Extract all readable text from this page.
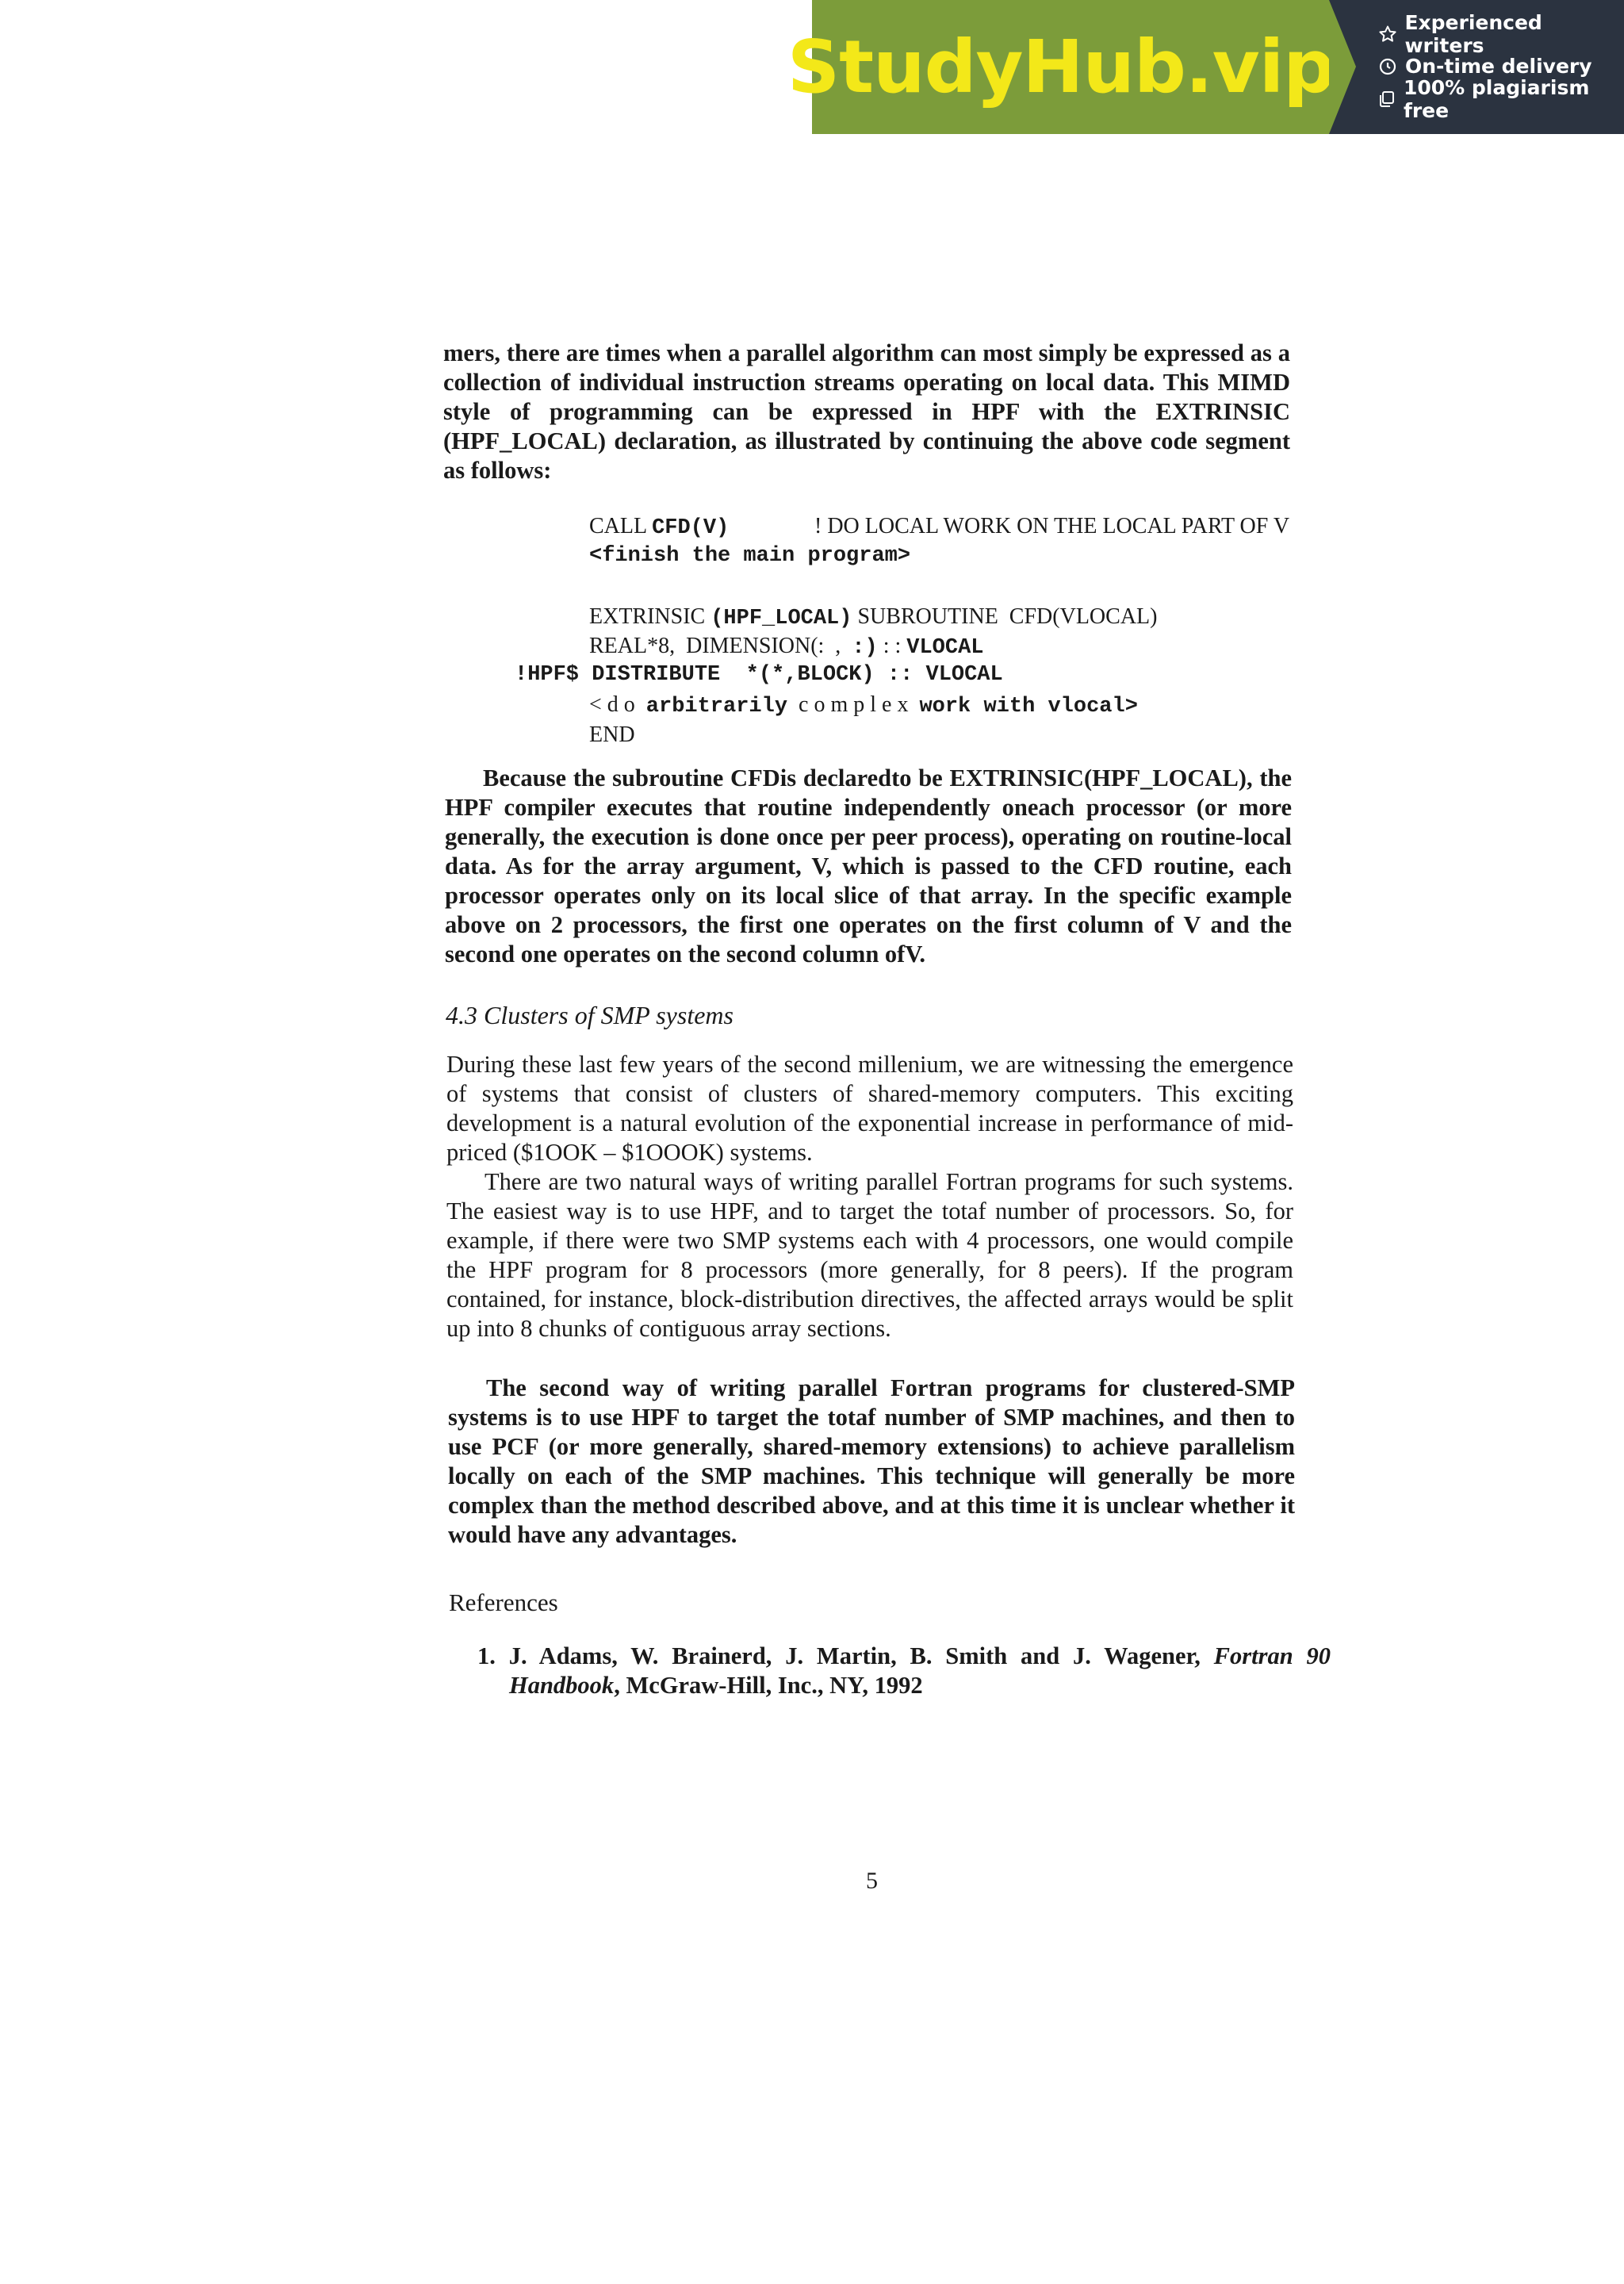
StudyHub.vip
Experienced writers
On-time delivery
100% plagiarism free

mers, there are times when a parallel algorithm can most simply be expressed as a collection of individual instruction streams operating on local data. This MIMD style of programming can be expressed in HPF with the EXTRINSIC (HPF_LOCAL) declaration, as illustrated by continuing the above code segment as follows:

CALL CFD(V)	! DO LOCAL WORK ON THE LOCAL PART OF V
<finish the main program>
EXTRINSIC (HPF_LOCAL) SUBROUTINE  CFD(VLOCAL)
REAL*8,  DIMENSION(:  ,  :) : : VLOCAL
!HPF$ DISTRIBUTE  *(*,BLOCK) :: VLOCAL
< d o  arbitrarily  c o m p l e x  work with vlocal>
END

Because the subroutine CFDis declaredto be EXTRINSIC(HPF_LOCAL), the HPF compiler executes that routine independently oneach processor (or more generally, the execution is done once per peer process), operating on routine-local data. As for the array argument, V, which is passed to the CFD routine, each processor operates only on its local slice of that array. In the specific example above on 2 processors, the first one operates on the first column of V and the second one operates on the second column ofV.

4.3 Clusters of SMP systems

During these last few years of the second millenium, we are witnessing the emergence of systems that consist of clusters of shared-memory computers. This exciting development is a natural evolution of the exponential increase in performance of mid-priced ($1OOK – $1OOOK) systems.

There are two natural ways of writing parallel Fortran programs for such systems. The easiest way is to use HPF, and to target the totaf number of processors. So, for example, if there were two SMP systems each with 4 processors, one would compile the HPF program for 8 processors (more generally, for 8 peers). If the program contained, for instance, block-distribution directives, the affected arrays would be split up into 8 chunks of contiguous array sections.

The second way of writing parallel Fortran programs for clustered-SMP systems is to use HPF to target the totaf number of SMP machines, and then to use PCF (or more generally, shared-memory extensions) to achieve parallelism locally on each of the SMP machines. This technique will generally be more complex than the method described above, and at this time it is unclear whether it would have any advantages.

References

1. J. Adams, W. Brainerd, J. Martin, B. Smith and J. Wagener, Fortran 90 Handbook, McGraw-Hill, Inc., NY, 1992

5
